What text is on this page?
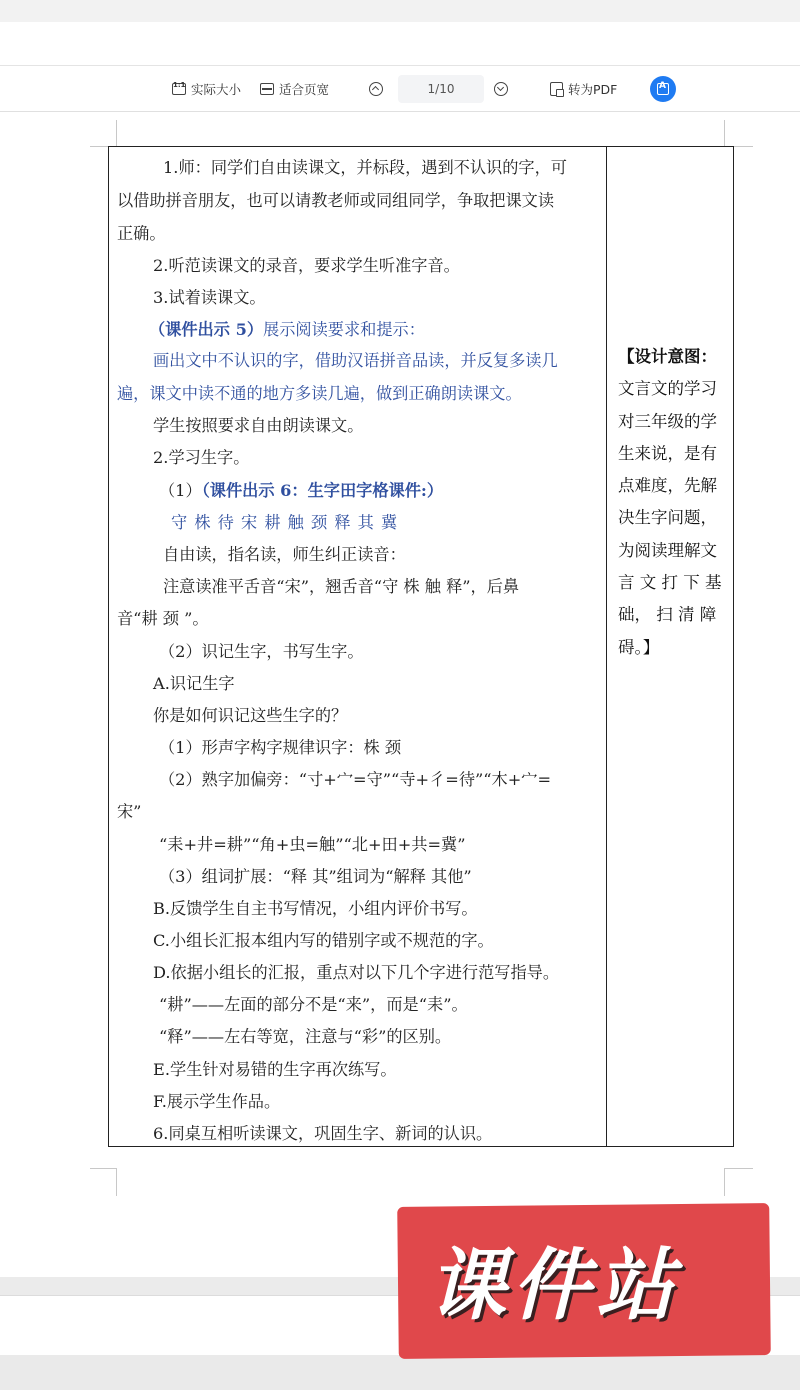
1:1
实际大小	适合页宽	1/10	转为PDF
A
1.师：同学们自由读课文，并标段，遇到不认识的字，可
以借助拼音朋友，也可以请教老师或同组同学，争取把课文读
正确。
2.听范读课文的录音，要求学生听准字音。
3.试着读课文。
（课件出示 5）展示阅读要求和提示：
画出文中不认识的字，借助汉语拼音品读，并反复多读几
遍，课文中读不通的地方多读几遍，做到正确朗读课文。
学生按照要求自由朗读课文。
2.学习生字。
（1）（课件出示 6：生字田字格课件:）
守 株 待 宋 耕 触 颈 释 其 冀
自由读，指名读，师生纠正读音：
注意读准平舌音“宋”，翘舌音“守 株 触 释”，后鼻
音“耕 颈 ”。
（2）识记生字，书写生字。
A.识记生字
你是如何识记这些生字的？
（1）形声字构字规律识字：株 颈
（2）熟字加偏旁：“寸+宀=守”“寺+彳=待”“木+宀=
宋”
“耒+井=耕”“角+虫=触”“北+田+共=冀”
（3）组词扩展：“释 其”组词为“解释 其他”
B.反馈学生自主书写情况，小组内评价书写。
C.小组长汇报本组内写的错别字或不规范的字。
D.依据小组长的汇报，重点对以下几个字进行范写指导。
“耕”——左面的部分不是“来”，而是“耒”。
“释”——左右等宽，注意与“彩”的区别。
E.学生针对易错的生字再次练写。
F.展示学生作品。
6.同桌互相听读课文，巩固生字、新词的认识。
【设计意图：
文言文的学习
对三年级的学
生来说，是有
点难度，先解
决生字问题，
为阅读理解文
言 文 打 下 基
础， 扫 清 障
碍。】
课件站
